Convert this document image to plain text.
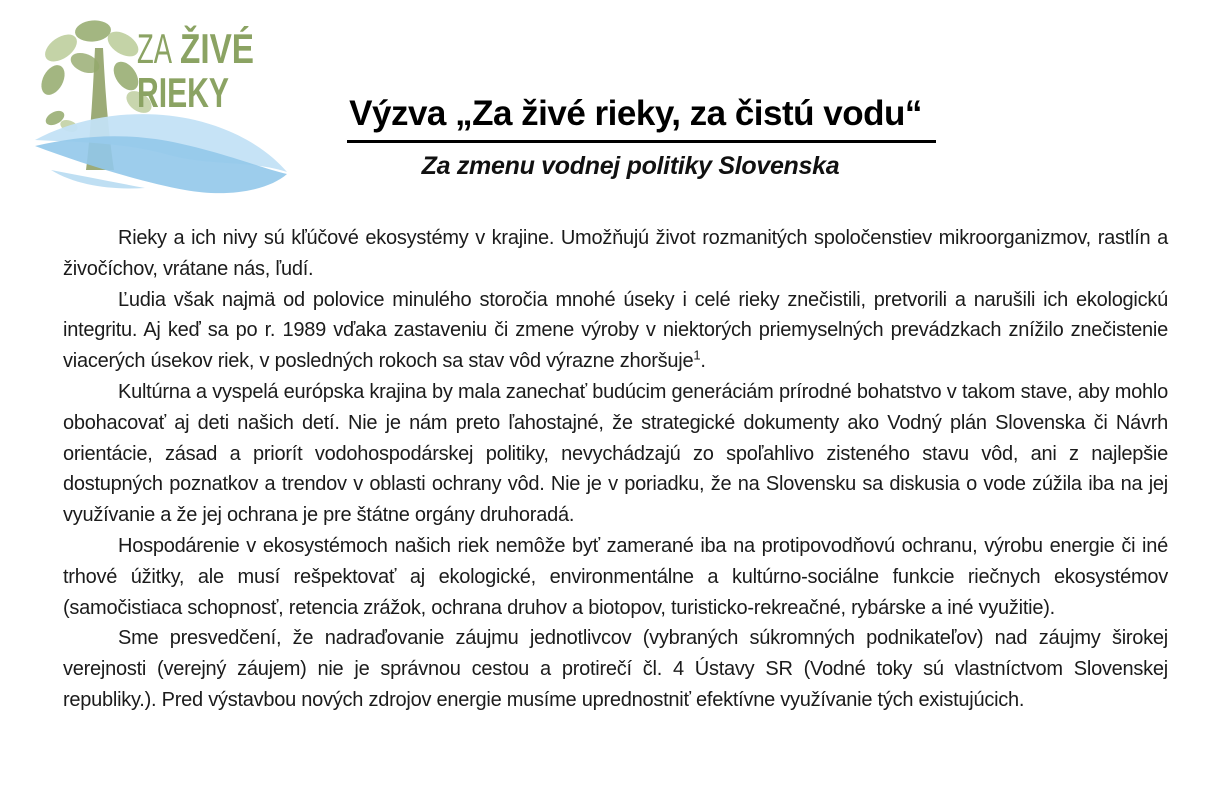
ZA ŽIVÉ
RIEKY	Výzva „Za živé rieky, za čistú vodu“
Za zmenu vodnej politiky Slovenska

Rieky a ich nivy sú kľúčové ekosystémy v krajine. Umožňujú život rozmanitých spoločenstiev mikroorganizmov, rastlín a živočíchov, vrátane nás, ľudí.

Ľudia však najmä od polovice minulého storočia mnohé úseky i celé rieky znečistili, pretvorili a narušili ich ekologickú integritu. Aj keď sa po r. 1989 vďaka zastaveniu či zmene výroby v niektorých priemyselných prevádzkach znížilo znečistenie viacerých úsekov riek, v posledných rokoch sa stav vôd výrazne zhoršuje$^1$.

Kultúrna a vyspelá európska krajina by mala zanechať budúcim generáciám prírodné bohatstvo v takom stave, aby mohlo obohacovať aj deti našich detí. Nie je nám preto ľahostajné, že strategické dokumenty ako Vodný plán Slovenska či Návrh orientácie, zásad a priorít vodohospodárskej politiky, nevychádzajú zo spoľahlivo zisteného stavu vôd, ani z najlepšie dostupných poznatkov a trendov v oblasti ochrany vôd. Nie je v poriadku, že na Slovensku sa diskusia o vode zúžila iba na jej využívanie a že jej ochrana je pre štátne orgány druhoradá.

Hospodárenie v ekosystémoch našich riek nemôže byť zamerané iba na protipovodňovú ochranu, výrobu energie či iné trhové úžitky, ale musí rešpektovať aj ekologické, environmentálne a kultúrno-sociálne funkcie riečnych ekosystémov (samočistiaca schopnosť, retencia zrážok, ochrana druhov a biotopov, turisticko-rekreačné, rybárske a iné využitie).

Sme presvedčení, že nadraďovanie záujmu jednotlivcov (vybraných súkromných podnikateľov) nad záujmy širokej verejnosti (verejný záujem) nie je správnou cestou a protirečí čl. 4 Ústavy SR (Vodné toky sú vlastníctvom Slovenskej republiky.). Pred výstavbou nových zdrojov energie musíme uprednostniť efektívne využívanie tých existujúcich.
